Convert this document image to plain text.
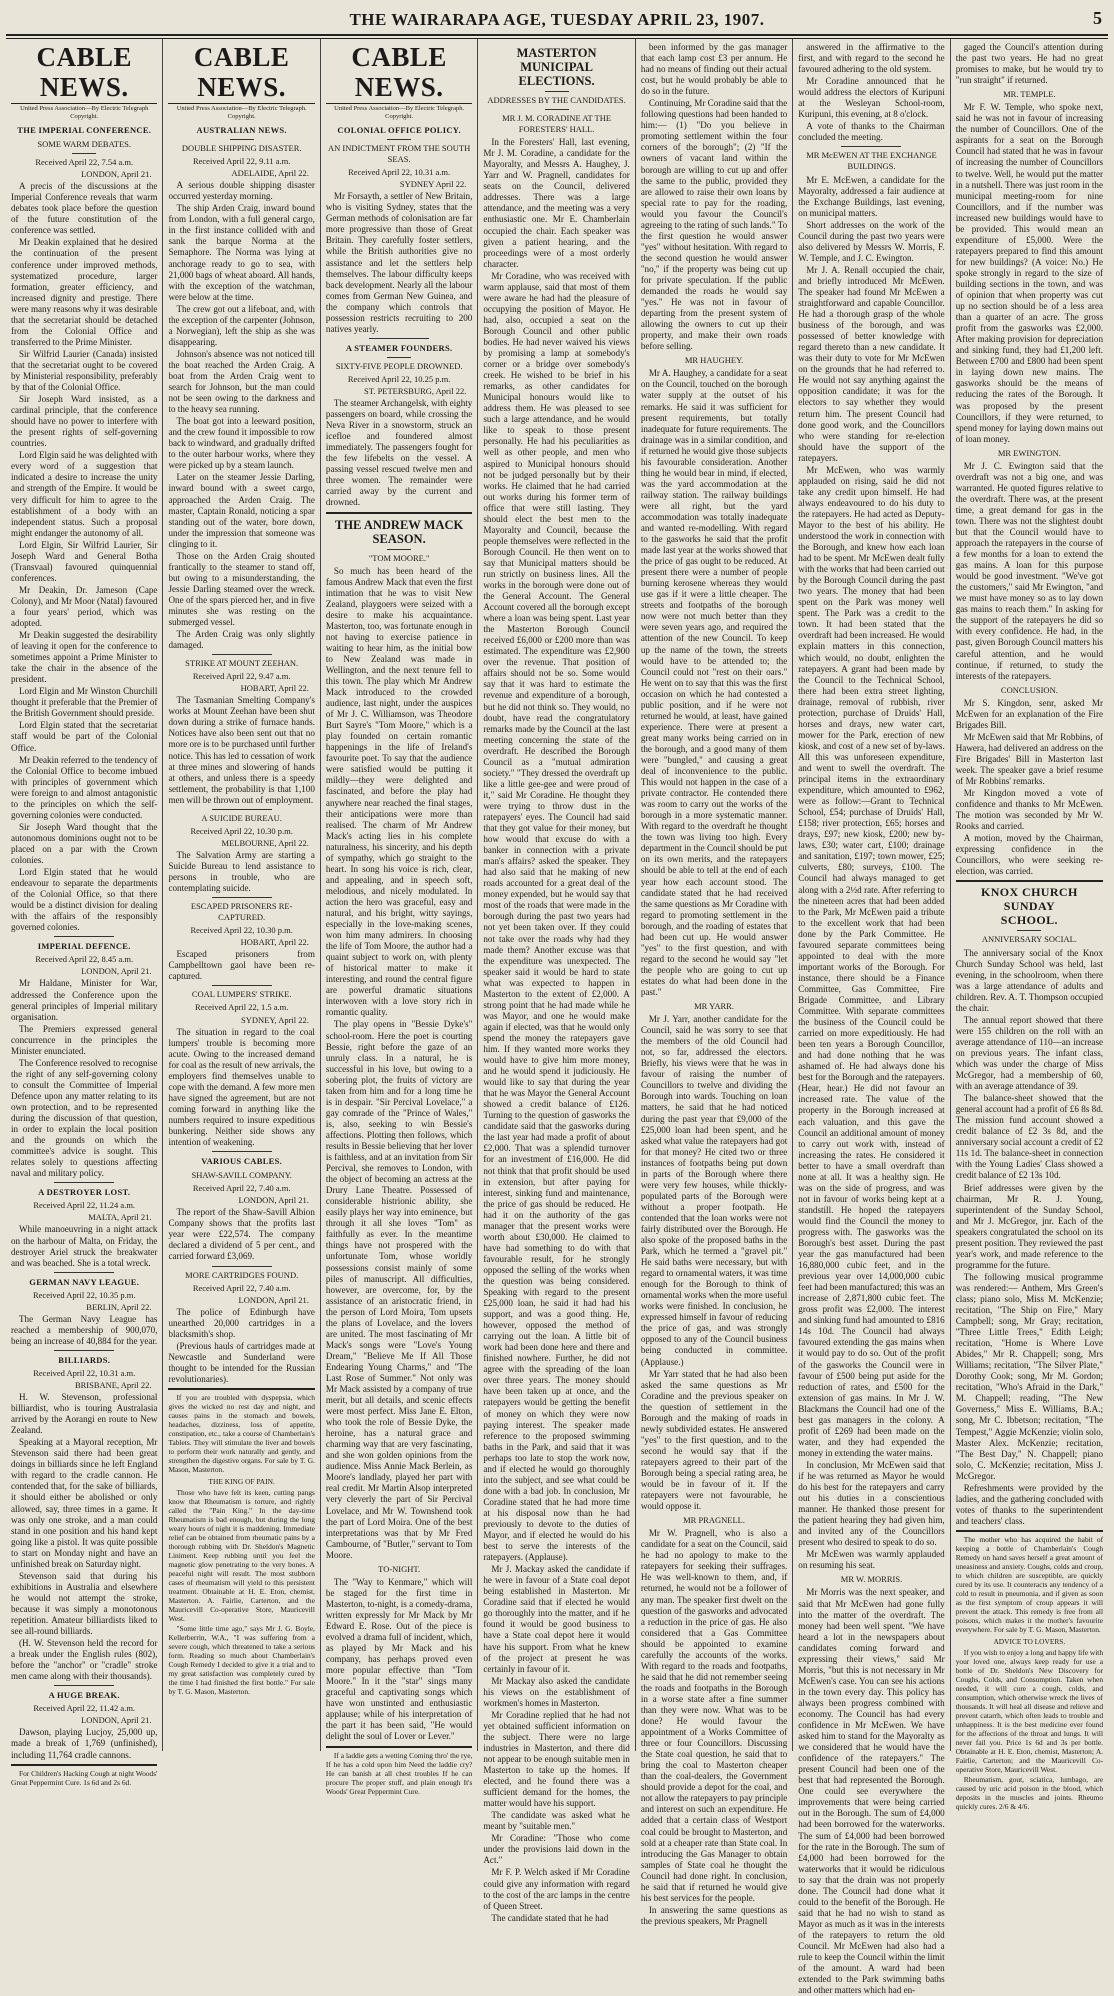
THE WAIRARAPA AGE, TUESDAY APRIL 23, 1907.	5
CABLE NEWS.
United Press Association—By Electric Telegraph Copyright.
THE IMPERIAL CONFERENCE.
SOME WARM DEBATES.
Received April 22, 7.54 a.m.
LONDON, April 21.

A precis of the discussions at the Imperial Conference reveals that warm debates took place before the question of the future constitution of the conference was settled.

Mr Deakin explained that he desired the continuation of the present conference under improved methods, systematized procedure, larger formation, greater efficiency, and increased dignity and prestige. There were many reasons why it was desirable that the secretariat should be detached from the Colonial Office and transferred to the Prime Minister.

Sir Wilfrid Laurier (Canada) insisted that the secretariat ought to be covered by Ministerial responsibility, preferably by that of the Colonial Office.

Sir Joseph Ward insisted, as a cardinal principle, that the conference should have no power to interfere with the present rights of self-governing countries.

Lord Elgin said he was delighted with every word of a suggestion that indicated a desire to increase the unity and strength of the Empire. It would be very difficult for him to agree to the establishment of a body with an independent status. Such a proposal might endanger the autonomy of all.

Lord Elgin, Sir Wilfrid Laurier, Sir Joseph Ward and General Botha (Transvaal) favoured quinquennial conferences.

Mr Deakin, Dr. Jameson (Cape Colony), and Mr Moor (Natal) favoured a four years' period, which was adopted.

Mr Deakin suggested the desirability of leaving it open for the conference to sometimes appoint a Prime Minister to take the chair in the absence of the president.

Lord Elgin and Mr Winston Churchill thought it preferable that the Premier of the British Government should preside.

Lord Elgin stated that the secretariat staff would be part of the Colonial Office.

Mr Deakin referred to the tendency of the Colonial Office to become imbued with principles of government which were foreign to and almost antagonistic to the principles on which the self-governing colonies were conducted.

Sir Joseph Ward thought that the autonomous dominions ought not to be placed on a par with the Crown colonies.

Lord Elgin stated that he would endeavour to separate the departments of the Colonial Office, so that there would be a distinct division for dealing with the affairs of the responsibly governed colonies.

IMPERIAL DEFENCE.
Received April 22, 8.45 a.m.
LONDON, April 21.

Mr Haldane, Minister for War, addressed the Conference upon the general principles of Imperial military organisation.

The Premiers expressed general concurrence in the principles the Minister enunciated.

The Conference resolved to recognise the right of any self-governing colony to consult the Committee of Imperial Defence upon any matter relating to its own protection, and to be represented during the discussion of that question, in order to explain the local position and the grounds on which the committee's advice is sought. This relates solely to questions affecting naval and military policy.

A DESTROYER LOST.
Received April 22, 11.24 a.m.
MALTA, April 21.

While manoeuvring in a night attack on the harbour of Malta, on Friday, the destroyer Ariel struck the breakwater and was beached. She is a total wreck.

GERMAN NAVY LEAGUE.
Received April 22, 10.35 p.m.
BERLIN, April 22.

The German Navy League has reached a membership of 900,070, being an increase of 40,884 for the year.

BILLIARDS.
Received April 22, 10.31 a.m.
BRISBANE, April 22.

H. W. Stevenson, professional billiardist, who is touring Australasia arrived by the Aorangi en route to New Zealand.

Speaking at a Mayoral reception, Mr Stevenson said there had been great doings in billiards since he left England with regard to the cradle cannon. He contended that, for the sake of billiards, it should either be abolished or only allowed, say, three times in a game. It was only one stroke, and a man could stand in one position and his hand kept going like a pistol. It was quite possible to start on Monday night and have an unfinished break on Saturday night.

Stevenson said that during his exhibitions in Australia and elsewhere he would not attempt the stroke, because it was simply a monotonous repetition. Amateur billiardists liked to see all-round billiards.

(H. W. Stevenson held the record for a break under the English rules (802), before the "anchor" or "cradle" stroke men came along with their thousands).

A HUGE BREAK.
Received April 22, 11.42 a.m.
LONDON, April 21.

Dawson, playing Lucjoy, 25,000 up, made a break of 1,769 (unfinished), including 11,764 cradle cannons.

For Children's Hacking Cough at night Woods' Great Peppermint Cure. 1s 6d and 2s 6d.

CABLE NEWS.
United Press Association—By Electric Telegraph. Copyright.
AUSTRALIAN NEWS.
DOUBLE SHIPPING DISASTER.
Received April 22, 9.11 a.m.
ADELAIDE, April 22.

A serious double shipping disaster occurred yesterday morning.

The ship Arden Craig, inward bound from London, with a full general cargo, in the first instance collided with and sank the barque Norma at the Semaphore. The Norma was lying at anchorage ready to go to sea, with 21,000 bags of wheat aboard. All hands, with the exception of the watchman, were below at the time.

The crew got out a lifeboat, and, with the exception of the carpenter (Johnson, a Norwegian), left the ship as she was disappearing.

Johnson's absence was not noticed till the boat reached the Arden Craig. A boat from the Arden Craig went to search for Johnson, but the man could not be seen owing to the darkness and to the heavy sea running.

The boat got into a leeward position, and the crew found it impossible to row back to windward, and gradually drifted to the outer harbour works, where they were picked up by a steam launch.

Later on the steamer Jessie Darling, inward bound with a sweet cargo, approached the Arden Craig. The master, Captain Ronald, noticing a spar standing out of the water, bore down, under the impression that someone was clinging to it.

Those on the Arden Craig shouted frantically to the steamer to stand off, but owing to a misunderstanding, the Jessie Darling steamed over the wreck. One of the spars pierced her, and in five minutes she was resting on the submerged vessel.

The Arden Craig was only slightly damaged.

STRIKE AT MOUNT ZEEHAN.
Received April 22, 9.47 a.m.
HOBART, April 22.

The Tasmanian Smelting Company's works at Mount Zeehan have been shut down during a strike of furnace hands. Notices have also been sent out that no more ore is to be purchased until further notice. This has led to cessation of work at three mines and slowering of hands at others, and unless there is a speedy settlement, the probability is that 1,100 men will be thrown out of employment.

A SUICIDE BUREAU.
Received April 22, 10.30 p.m.
MELBOURNE, April 22.

The Salvation Army are starting a Suicide Bureau to lend assistance to persons in trouble, who are contemplating suicide.

ESCAPED PRISONERS RE-CAPTURED.
Received April 22, 10.30 p.m.
HOBART, April 22.

Escaped prisoners from Campbelltown gaol have been re-captured.

COAL LUMPERS' STRIKE.
Received April 22, 1.5 a.m.
SYDNEY, April 22.

The situation in regard to the coal lumpers' trouble is becoming more acute. Owing to the increased demand for coal as the result of new arrivals, the employers find themselves unable to cope with the demand. A few more men have signed the agreement, but are not coming forward in anything like the numbers required to insure expeditious bunkering. Neither side shows any intention of weakening.

VARIOUS CABLES.
SHAW-SAVILL COMPANY.
Received April 22, 7.40 a.m.
LONDON, April 21.

The report of the Shaw-Savill Albion Company shows that the profits last year were £22,574. The company declared a dividend of 5 per cent., and carried forward £3,069.

MORE CARTRIDGES FOUND.
Received April 22, 7.40 a.m.
LONDON, April 21.

The police of Edinburgh have unearthed 20,000 cartridges in a blacksmith's shop.

(Previous hauls of cartridges made at Newcastle and Sunderland were thought to be intended for the Russian revolutionaries).

If you are troubled with dyspepsia, which gives the wicked no rest day and night, and causes pains in the stomach and bowels, headaches, dizziness, loss of appetite, constipation, etc., take a course of Chamberlain's Tablets. They will stimulate the liver and bowels to perform their work naturally and gently, and strengthen the digestive organs. For sale by T. G. Mason, Masterton.

THE KING OF PAIN.

Those who have felt its keen, cutting pangs know that Rheumatism is torture, and rightly called the "Pain King." In the day-time Rheumatism is bad enough, but during the long weary hours of night it is maddening. Immediate relief can be obtained from rheumatic pains by a thorough rubbing with Dr. Sheldon's Magnetic Liniment. Keep rubbing until you feel the magnetic glow penetrating to the very bones. A peaceful night will result. The most stubborn cases of rheumatism will yield to this persistent treatment. Obtainable at H. E. Eton, chemist, Masterton. A. Fairlie, Carterton, and the Mauricevill Co-operative Store, Mauricevill West.

"Some little time ago," says Mr J. G. Boyle, Kellerberrin, W.A., "I was suffering from a severe cough, which threatened to take a serious form. Reading so much about Chamberlain's Cough Remedy I decided to give it a trial and to my great satisfaction was completely cured by the time I had finished the first bottle." For sale by T. G. Mason, Masterton.

CABLE NEWS.
United Press Association—By Electric Telegraph. Copyright.
COLONIAL OFFICE POLICY.
AN INDICTMENT FROM THE SOUTH SEAS.
Received April 22, 10.31 a.m.
SYDNEY April 22.

Mr Forsayth, a settler of New Britain, who is visiting Sydney, states that the German methods of colonisation are far more progressive than those of Great Britain. They carefully foster settlers, while the British authorities give no assistance and let the settlers help themselves. The labour difficulty keeps back development. Nearly all the labour comes from German New Guinea, and the company which controls that possession restricts recruiting to 200 natives yearly.

A STEAMER FOUNDERS.
SIXTY-FIVE PEOPLE DROWNED.
Received April 22, 10.25 p.m.
ST. PETERSBURG, April 22.

The steamer Archangelsk, with eighty passengers on board, while crossing the Neva River in a snowstorm, struck an icefloe and foundered almost immediately. The passengers fought for the few lifebelts on the vessel. A passing vessel rescued twelve men and three women. The remainder were carried away by the current and drowned.

THE ANDREW MACK SEASON.
"TOM MOORE."

So much has been heard of the famous Andrew Mack that even the first intimation that he was to visit New Zealand, playgoers were seized with a desire to make his acquaintance. Masterton, too, was fortunate enough in not having to exercise patience in waiting to hear him, as the initial bow to New Zealand was made in Wellington, and the next tenure fell to this town. The play which Mr Andrew Mack introduced to the crowded audience, last night, under the auspices of Mr J. C. Williamson, was Theodore Burt Sayre's "Tom Moore," which is a play founded on certain romantic happenings in the life of Ireland's favourite poet. To say that the audience were satisfied would be putting it mildly—they were delighted and fascinated, and before the play had anywhere near reached the final stages, their anticipations were more than realised. The charm of Mr Andrew Mack's acting lies in his complete naturalness, his sincerity, and his depth of sympathy, which go straight to the heart. In song his voice is rich, clear, and appealing, and in speech soft, melodious, and nicely modulated. In action the hero was graceful, easy and natural, and his bright, witty sayings, especially in the love-making scenes, won him many admirers. In choosing the life of Tom Moore, the author had a quaint subject to work on, with plenty of historical matter to make it interesting, and round the central figure are powerful dramatic situations interwoven with a love story rich in romantic quality.

The play opens in "Bessie Dyke's" school-room. Here the poet is courting Bessie, right before the gaze of an unruly class. In a natural, he is successful in his love, but owing to a sobering plot, the fruits of victory are taken from him and for a long time he is in despair. "Sir Percival Lovelace," a gay comrade of the "Prince of Wales," is, also, seeking to win Bessie's affections. Plotting then follows, which results in Bessie believing that her lover is faithless, and at an invitation from Sir Percival, she removes to London, with the object of becoming an actress at the Drury Lane Theatre. Possessed of considerable histrionic ability, she easily plays her way into eminence, but through it all she loves "Tom" as faithfully as ever. In the meantime things have not prospered with the unfortunate Tom, whose worldly possessions consist mainly of some piles of manuscript. All difficulties, however, are overcome, for, by the assistance of an aristocratic friend, in the person of Lord Moira, Tom upsets the plans of Lovelace, and the lovers are united. The most fascinating of Mr Mack's songs were "Love's Young Dream," "Believe Me If All Those Endearing Young Charms," and "The Last Rose of Summer." Not only was Mr Mack assisted by a company of true merit, but all details, and scenic effects were most perfect. Miss Jane E. Elton, who took the role of Bessie Dyke, the heroine, has a natural grace and charming way that are very fascinating, and she won golden opinions from the audience. Miss Annie Mack Berlein, as Moore's landlady, played her part with real credit. Mr Martin Alsop interpreted very cleverly the part of Sir Percival Lovelace, and Mr W. Townshend took the part of Lord Moira. One of the best interpretations was that by Mr Fred Cambourne, of "Butler," servant to Tom Moore.

TO-NIGHT.

The "Way to Kenmare," which will be staged for the first time in Masterton, to-night, is a comedy-drama, written expressly for Mr Mack by Mr Edward E. Rose. Out of the piece is evolved a drama full of incident, which, as played by Mr Mack and his company, has perhaps proved even more popular effective than "Tom Moore." In it the "star" sings many graceful and captivating songs which have won unstinted and enthusiastic applause; while of his interpretation of the part it has been said, "He would delight the soul of Lover or Lever."

If a laddie gets a wetting Coming thro' the rye, If he has a cold upon him Need the laddie cry? He can banish at all chest troubles If he can procure The proper stuff, and plain enough It's Woods' Great Peppermint Cure.

MASTERTON MUNICIPAL ELECTIONS.
ADDRESSES BY THE CANDIDATES.
MR J. M. CORADINE AT THE FORESTERS' HALL.

In the Foresters' Hall, last evening, Mr J. M. Coradine, a candidate for the Mayoralty, and Messrs A. Haughey, J. Yarr and W. Pragnell, candidates for seats on the Council, delivered addresses. There was a large attendance, and the meeting was a very enthusiastic one. Mr E. Chamberlain occupied the chair. Each speaker was given a patient hearing, and the proceedings were of a most orderly character.

Mr Coradine, who was received with warm applause, said that most of them were aware he had had the pleasure of occupying the position of Mayor. He had, also, occupied a seat on the Borough Council and other public bodies. He had never waived his views by promising a lamp at somebody's corner or a bridge over somebody's creek. He wished to be brief in his remarks, as other candidates for Municipal honours would like to address them. He was pleased to see such a large attendance, and he would like to speak to those present personally. He had his peculiarities as well as other people, and men who aspired to Municipal honours should not be judged personally but by their works. He claimed that he had carried out works during his former term of office that were still lasting. They should elect the best men to the Mayoralty and Council, because the people themselves were reflected in the Borough Council. He then went on to say that Municipal matters should be run strictly on business lines. All the works in the borough were done out of the General Account. The General Account covered all the borough except where a loan was being spent. Last year the Masterton Borough Council received £6,000 or £200 more than was estimated. The expenditure was £2,900 over the revenue. That position of affairs should not be so. Some would say that it was hard to estimate the revenue and expenditure of a borough, but he did not think so. They would, no doubt, have read the congratulatory remarks made by the Council at the last meeting concerning the state of the overdraft. He described the Borough Council as a "mutual admiration society." "They dressed the overdraft up like a little gee-gee and were proud of it," said Mr Coradine. He thought they were trying to throw dust in the ratepayers' eyes. The Council had said that they got value for their money, but how would that excuse do with a banker in connection with a private man's affairs? asked the speaker. They had also said that he making of new roads accounted for a great deal of the money expended, but he would say that most of the roads that were made in the borough during the past two years had not yet been taken over. If they could not take over the roads why had they made them? Another excuse was that the expenditure was unexpected. The speaker said it would be hard to state what was expected to happen in Masterton to the extent of £2,000. A strong point that he had made while he was Mayor, and one he would make again if elected, was that he would only spend the money the ratepayers gave him. If they wanted more works they would have to give him more money, and he would spend it judiciously. He would like to say that during the year that he was Mayor the General Account showed a credit balance of £126. Turning to the question of gasworks the candidate said that the gasworks during the last year had made a profit of about £2,000. That was a splendid turnover for an investment of £16,000. He did not think that that profit should be used in extension, but after paying for interest, sinking fund and maintenance, the price of gas should be reduced. He had it on the authority of the gas manager that the present works were worth about £30,000. He claimed to have had something to do with that favourable result, for he strongly opposed the selling of the works when the question was being considered. Speaking with regard to the present £25,000 loan, he said it had had his support, and was a good thing. He, however, opposed the method of carrying out the loan. A little bit of work had been done here and there and finished nowhere. Further, he did not agree with the spreading of the loan over three years. The money should have been taken up at once, and the ratepayers would be getting the benefit of money on which they were now paying interest. The speaker made reference to the proposed swimming baths in the Park, and said that it was perhaps too late to stop the work now, and if elected he would go thoroughly into the subject, and see what could be done with a bad job. In conclusion, Mr Coradine stated that he had more time at his disposal now than he had previously to devote to the duties of Mayor, and if elected he would do his best to serve the interests of the ratepayers. (Applause).

Mr J. Mackay asked the candidate if he were in favour of a State coal depot being established in Masterton. Mr Coradine said that if elected he would go thoroughly into the matter, and if he found it would be good business to have a State coal depot here it would have his support. From what he knew of the project at present he was certainly in favour of it.

Mr Mackay also asked the candidate his views on the establishment of workmen's homes in Masterton.

Mr Coradine replied that he had not yet obtained sufficient information on the subject. There were no large industries in Masterton, and there did not appear to be enough suitable men in Masterton to take up the homes. If elected, and he found there was a sufficient demand for the homes, the matter would have his support.

The candidate was asked what he meant by "suitable men."

Mr Coradine: "Those who come under the provisions laid down in the Act."

Mr F. P. Welch asked if Mr Coradine could give any information with regard to the cost of the arc lamps in the centre of Queen Street.

The candidate stated that he had

been informed by the gas manager that each lamp cost £3 per annum. He had no means of finding out their actual cost, but he would probably be able to do so in the future.

Continuing, Mr Coradine said that the following questions had been handed to him:— (1) "Do you believe in promoting settlement within the four corners of the borough"; (2) "If the owners of vacant land within the borough are willing to cut up and offer the same to the public, provided they are allowed to raise their own loans by special rate to pay for the roading, would you favour the Council's agreeing to the rating of such lands." To the first question he would answer "yes" without hesitation. With regard to the second question he would answer "no," if the property was being cut up for private speculation. If the public demanded the roads he would say "yes." He was not in favour of departing from the present system of allowing the owners to cut up their property, and make their own roads before selling.

MR HAUGHEY.

Mr A. Haughey, a candidate for a seat on the Council, touched on the borough water supply at the outset of his remarks. He said it was sufficient for present requirements, but totally inadequate for future requirements. The drainage was in a similar condition, and if returned he would give those subjects his favourable consideration. Another thing he would bear in mind, if elected, was the yard accommodation at the railway station. The railway buildings were all right, but the yard accommodation was totally inadequate and wanted re-modelling. With regard to the gasworks he said that the profit made last year at the works showed that the price of gas ought to be reduced. At present there were a number of people burning kerosene whereas they would use gas if it were a little cheaper. The streets and footpaths of the borough now were not much better than they were seven years ago, and required the attention of the new Council. To keep up the name of the town, the streets would have to be attended to; the Council could not "rest on their oars." He went on to say that this was the first occasion on which he had contested a public position, and if he were not returned he would, at least, have gained experience. There were at present a great many works being carried on in the borough, and a good many of them were "bungled," and causing a great deal of inconvenience to the public. This would not happen in the case of a private contractor. He contended there was room to carry out the works of the borough in a more systematic manner. With regard to the overdraft he thought the town was living too high. Every department in the Council should be put on its own merits, and the ratepayers should be able to tell at the end of each year how each account stood. The candidate stated that he had received the same questions as Mr Coradine with regard to promoting settlement in the borough, and the roading of estates that had been cut up. He would answer "yes" to the first question, and with regard to the second he would say "let the people who are going to cut up estates do what had been done in the past."

MR YARR.

Mr J. Yarr, another candidate for the Council, said he was sorry to see that the members of the old Council had not, so far, addressed the electors. Briefly, his views were that he was in favour of raising the number of Councillors to twelve and dividing the Borough into wards. Touching on loan matters, he said that he had noticed during the past year that £9,000 of the £25,000 loan had been spent, and he asked what value the ratepayers had got for that money? He cited two or three instances of footpaths being put down in parts of the Borough where there were very few houses, while thickly-populated parts of the Borough were without a proper footpath. He contended that the loan works were not fairly distributed over the Borough. He also spoke of the proposed baths in the Park, which he termed a "gravel pit." He said baths were necessary, but with regard to ornamental waters, it was time enough for the Borough to think of ornamental works when the more useful works were finished. In conclusion, he expressed himself in favour of reducing the price of gas, and was strongly opposed to any of the Council business being conducted in committee. (Applause.)

Mr Yarr stated that he had also been asked the same questions as Mr Coradine and the previous speaker on the question of settlement in the Borough and the making of roads in newly subdivided estates. He answered "yes" to the first question, and to the second he would say that if the ratepayers agreed to their part of the Borough being a special rating area, he would be in favour of it. If the ratepayers were not favourable, he would oppose it.

MR PRAGNELL.

Mr W. Pragnell, who is also a candidate for a seat on the Council, said he had no apology to make to the ratepayers for seeking their suffrages. He was well-known to them, and, if returned, he would not be a follower of any man. The speaker first dwelt on the question of the gasworks and advocated a reduction in the price of gas. He also considered that a Gas Committee should be appointed to examine carefully the accounts of the works. With regard to the roads and footpaths, he said that he did not remember seeing the roads and footpaths in the Borough in a worse state after a fine summer than they were now. What was to be done? He would favour the appointment of a Works Committee of three or four Councillors. Discussing the State coal question, he said that to bring the coal to Masterton cheaper than the coal-dealers, the Government should provide a depot for the coal, and not allow the ratepayers to pay principle and interest on such an expenditure. He added that a certain class of Westport coal could be brought to Masterton, and sold at a cheaper rate than State coal. In introducing the Gas Manager to obtain samples of State coal he thought the Council had done right. In conclusion, he said that if returned he would give his best services for the people.

In answering the same questions as the previous speakers, Mr Pragnell

answered in the affirmative to the first, and with regard to the second he favoured adhering to the old system.

Mr Coradine announced that he would address the electors of Kuripuni at the Wesleyan School-room, Kuripuni, this evening, at 8 o'clock.

A vote of thanks to the Chairman concluded the meeting.

MR McEWEN AT THE EXCHANGE BUILDINGS.

Mr E. McEwen, a candidate for the Mayoralty, addressed a fair audience at the Exchange Buildings, last evening, on municipal matters.

Short addresses on the work of the Council during the past two years were also delivered by Messrs W. Morris, F. W. Temple, and J. C. Ewington.

Mr J. A. Renall occupied the chair, and briefly introduced Mr McEwen. The speaker had found Mr McEwen a straightforward and capable Councillor. He had a thorough grasp of the whole business of the borough, and was possessed of better knowledge with regard thereto than a new candidate. It was their duty to vote for Mr McEwen on the grounds that he had referred to. He would not say anything against the opposition candidate; it was for the electors to say whether they would return him. The present Council had done good work, and the Councillors who were standing for re-election should have the support of the ratepayers.

Mr McEwen, who was warmly applauded on rising, said he did not take any credit upon himself. He had always endeavoured to do his duty to the ratepayers. He had acted as Deputy-Mayor to the best of his ability. He understood the work in connection with the Borough, and knew how each loan had to be spent. Mr McEwen dealt fully with the works that had been carried out by the Borough Council during the past two years. The money that had been spent on the Park was money well spent. The Park was a credit to the town. It had been stated that the overdraft had been increased. He would explain matters in this connection, which would, no doubt, enlighten the ratepayers. A grant had been made by the Council to the Technical School, there had been extra street lighting, drainage, removal of rubbish, river protection, purchase of Druids' Hall, horses and drays, new water cart, mower for the Park, erection of new kiosk, and cost of a new set of by-laws. All this was unforeseen expenditure, and went to swell the overdraft. The principal items in the extraordinary expenditure, which amounted to £962, were as follow:—Grant to Technical School, £54; purchase of Druids' Hall, £158; river protection, £65; horses and drays, £97; new kiosk, £200; new by-laws, £30; water cart, £100; drainage and sanitation, £197; town mower, £25; culverts, £80; surveys, £100. The Council had always managed to get along with a 2½d rate. After referring to the nineteen acres that had been added to the Park, Mr McEwen paid a tribute to the excellent work that had been done by the Park Committee. He favoured separate committees being appointed to deal with the more important works of the Borough. For instance, there should be a Finance Committee, Gas Committee, Fire Brigade Committee, and Library Committee. With separate committees the business of the Council could be carried on more expeditiously. He had been ten years a Borough Councillor, and had done nothing that he was ashamed of. He had always done his best for the Borough and the ratepayers. (Hear, hear.) He did not favour an increased rate. The value of the property in the Borough increased at each valuation, and this gave the Council an additional amount of money to carry out work with, instead of increasing the rates. He considered it better to have a small overdraft than none at all. It was a healthy sign. He was on the side of progress, and was not in favour of works being kept at a standstill. He hoped the ratepayers would find the Council the money to progress with. The gasworks was the Borough's best asset. During the past year the gas manufactured had been 16,880,000 cubic feet, and in the previous year over 14,000,000 cubic feet had been manufactured; this was an increase of 2,871,800 cubic feet. The gross profit was £2,000. The interest and sinking fund had amounted to £816 14s 10d. The Council had always favoured extending the gas mains when it would pay to do so. Out of the profit of the gasworks the Council were in favour of £500 being put aside for the reduction of rates, and £500 for the extension of gas mains. In Mr J. W. Blackmans the Council had one of the best gas managers in the colony. A profit of £269 had been made on the water, and they had expended the money in extending the water mains.

In conclusion, Mr McEwen said that if he was returned as Mayor he would do his best for the ratepayers and carry out his duties in a conscientious manner. He thanked those present for the patient hearing they had given him, and invited any of the Councillors present who desired to speak to do so.

Mr McEwen was warmly applauded on resuming his seat.

MR W. MORRIS.

Mr Morris was the next speaker, and said that Mr McEwen had gone fully into the matter of the overdraft. The money had been well spent. "We have heard a lot in the newspapers about candidates coming forward and expressing their views," said Mr Morris, "but this is not necessary in Mr McEwen's case. You can see his actions in the town every day. This policy has always been progress combined with economy. The Council has had every confidence in Mr McEwen. We have asked him to stand for the Mayoralty as we considered that he would have the confidence of the ratepayers." The present Council had been one of the best that had represented the Borough. One could see everywhere the improvements that were being carried out in the Borough. The sum of £4,000 had been borrowed for the waterworks. The sum of £4,000 had been borrowed for the rate in the Borough. The sum of £4,000 had been borrowed for the waterworks that it would be ridiculous to say that the drain was not properly done. The Council had done what it could to the benefit of the Borough. He said that he had no wish to stand as Mayor as much as it was in the interests of the ratepayers to return the old Council. Mr McEwen had also had a rule to keep the Council within the limit of the amount. A ward had been extended to the Park swimming baths and other matters which had en-

gaged the Council's attention during the past two years. He had no great promises to make, but he would try to "run straight" if returned.

MR. TEMPLE.

Mr F. W. Temple, who spoke next, said he was not in favour of increasing the number of Councillors. One of the aspirants for a seat on the Borough Council had stated that he was in favour of increasing the number of Councillors to twelve. Well, he would put the matter in a nutshell. There was just room in the municipal meeting-room for nine Councillors, and if the number was increased new buildings would have to be provided. This would mean an expenditure of £5,000. Were the ratepayers prepared to find this amount for new buildings? (A voice: No.) He spoke strongly in regard to the size of building sections in the town, and was of opinion that when property was cut up no section should be of a less area than a quarter of an acre. The gross profit from the gasworks was £2,000. After making provision for depreciation and sinking fund, they had £1,200 left. Between £700 and £800 had been spent in laying down new mains. The gasworks should be the means of reducing the rates of the Borough. It was proposed by the present Councillors, if they were returned, to spend money for laying down mains out of loan money.

MR EWINGTON.

Mr J. C. Ewington said that the overdraft was not a big one, and was warranted. He quoted figures relative to the overdraft. There was, at the present time, a great demand for gas in the town. There was not the slightest doubt but that the Council would have to approach the ratepayers in the course of a few months for a loan to extend the gas mains. A loan for this purpose would be good investment. "We've got the customers," said Mr Ewington, "and we must have money so as to lay down gas mains to reach them." In asking for the support of the ratepayers he did so with every confidence. He had, in the past, given Borough Council matters his careful attention, and he would continue, if returned, to study the interests of the ratepayers.

CONCLUSION.

Mr S. Kingdon, senr, asked Mr McEwen for an explanation of the Fire Brigades Bill.

Mr McEwen said that Mr Robbins, of Hawera, had delivered an address on the Fire Brigades' Bill in Masterton last week. The speaker gave a brief resume of Mr Robbins' remarks.

Mr Kingdon moved a vote of confidence and thanks to Mr McEwen. The motion was seconded by Mr W. Rooks and carried.

A motion, moved by the Chairman, expressing confidence in the Councillors, who were seeking re-election, was carried.

KNOX CHURCH SUNDAY
SCHOOL.
ANNIVERSARY SOCIAL.

The anniversary social of the Knox Church Sunday School was held, last evening, in the schoolroom, when there was a large attendance of adults and children. Rev. A. T. Thompson occupied the chair.

The annual report showed that there were 155 children on the roll with an average attendance of 110—an increase on previous years. The infant class, which was under the charge of Miss McGregor, had a membership of 60, with an average attendance of 39.

The balance-sheet showed that the general account had a profit of £6 8s 8d. The mission fund account showed a credit balance of £2 3s 8d, and the anniversary social account a credit of £2 11s 1d. The balance-sheet in connection with the Young Ladies' Class showed a credit balance of £2 13s 10d.

Brief addresses were given by the chairman, Mr R. J. Young, superintendent of the Sunday School, and Mr J. McGregor, jnr. Each of the speakers congratulated the school on its present position. They reviewed the past year's work, and made reference to the programme for the future.

The following musical programme was rendered:— Anthem, Mrs Green's class; piano solo, Miss M. McKenzie; recitation, "The Ship on Fire," Mary Campbell; song, Mr Gray; recitation, "Three Little Trees," Edith Leigh; recitation, "Home is Where Love Abides," Mr R. Chappell; song, Mrs Williams; recitation, "The Silver Plate," Dorothy Cook; song, Mr M. Gordon; recitation, "Who's Afraid in the Dark," M. Chappell; reading, "The New Governess," Miss E. Williams, B.A.; song, Mr C. Ibbetson; recitation, "The Tempest," Aggie McKenzie; violin solo, Master Alex. McKenzie; recitation, "The Best Day," N. Chappell; piano solo, C. McKenzie; recitation, Miss J. McGregor.

Refreshments were provided by the ladies, and the gathering concluded with votes of thanks to the superintendent and teachers' class.

The mother who has acquired the habit of keeping a bottle of Chamberlain's Cough Remedy on hand saves herself a great amount of uneasiness and anxiety. Coughs, colds and croup, to which children are susceptible, are quickly cured by its use. It counteracts any tendency of a cold to result in pneumonia, and if given as soon as the first symptom of croup appears it will prevent the attack. This remedy is free from all poisons, which makes it the mother's favourite everywhere. For sale by T. G. Mason, Masterton.

ADVICE TO LOVERS.

If you wish to enjoy a long and happy life with your loved one, always keep ready for use a bottle of Dr. Sheldon's New Discovery for Coughs, Colds, and Consumption. Taken when needed, it will cure a cough, colds, and consumption, which otherwise wreck the lives of thousands. It will heal all disease and relieve and prevent catarrh, which often leads to trouble and unhappiness. It is the best medicine ever found for the affections of the throat and lungs. It will never fail you. Price 1s 6d and 3s per bottle. Obtainable at H. E. Eton, chemist, Masterton; A. Fairlie, Carterton; and the Mauricevill Co-operative Store, Mauricevill West.

Rheumatism, gout, sciatica, lumbago, are caused by uric acid poison in the blood, which deposits in the muscles and joints. Rheumo quickly cures. 2/6 & 4/6.
